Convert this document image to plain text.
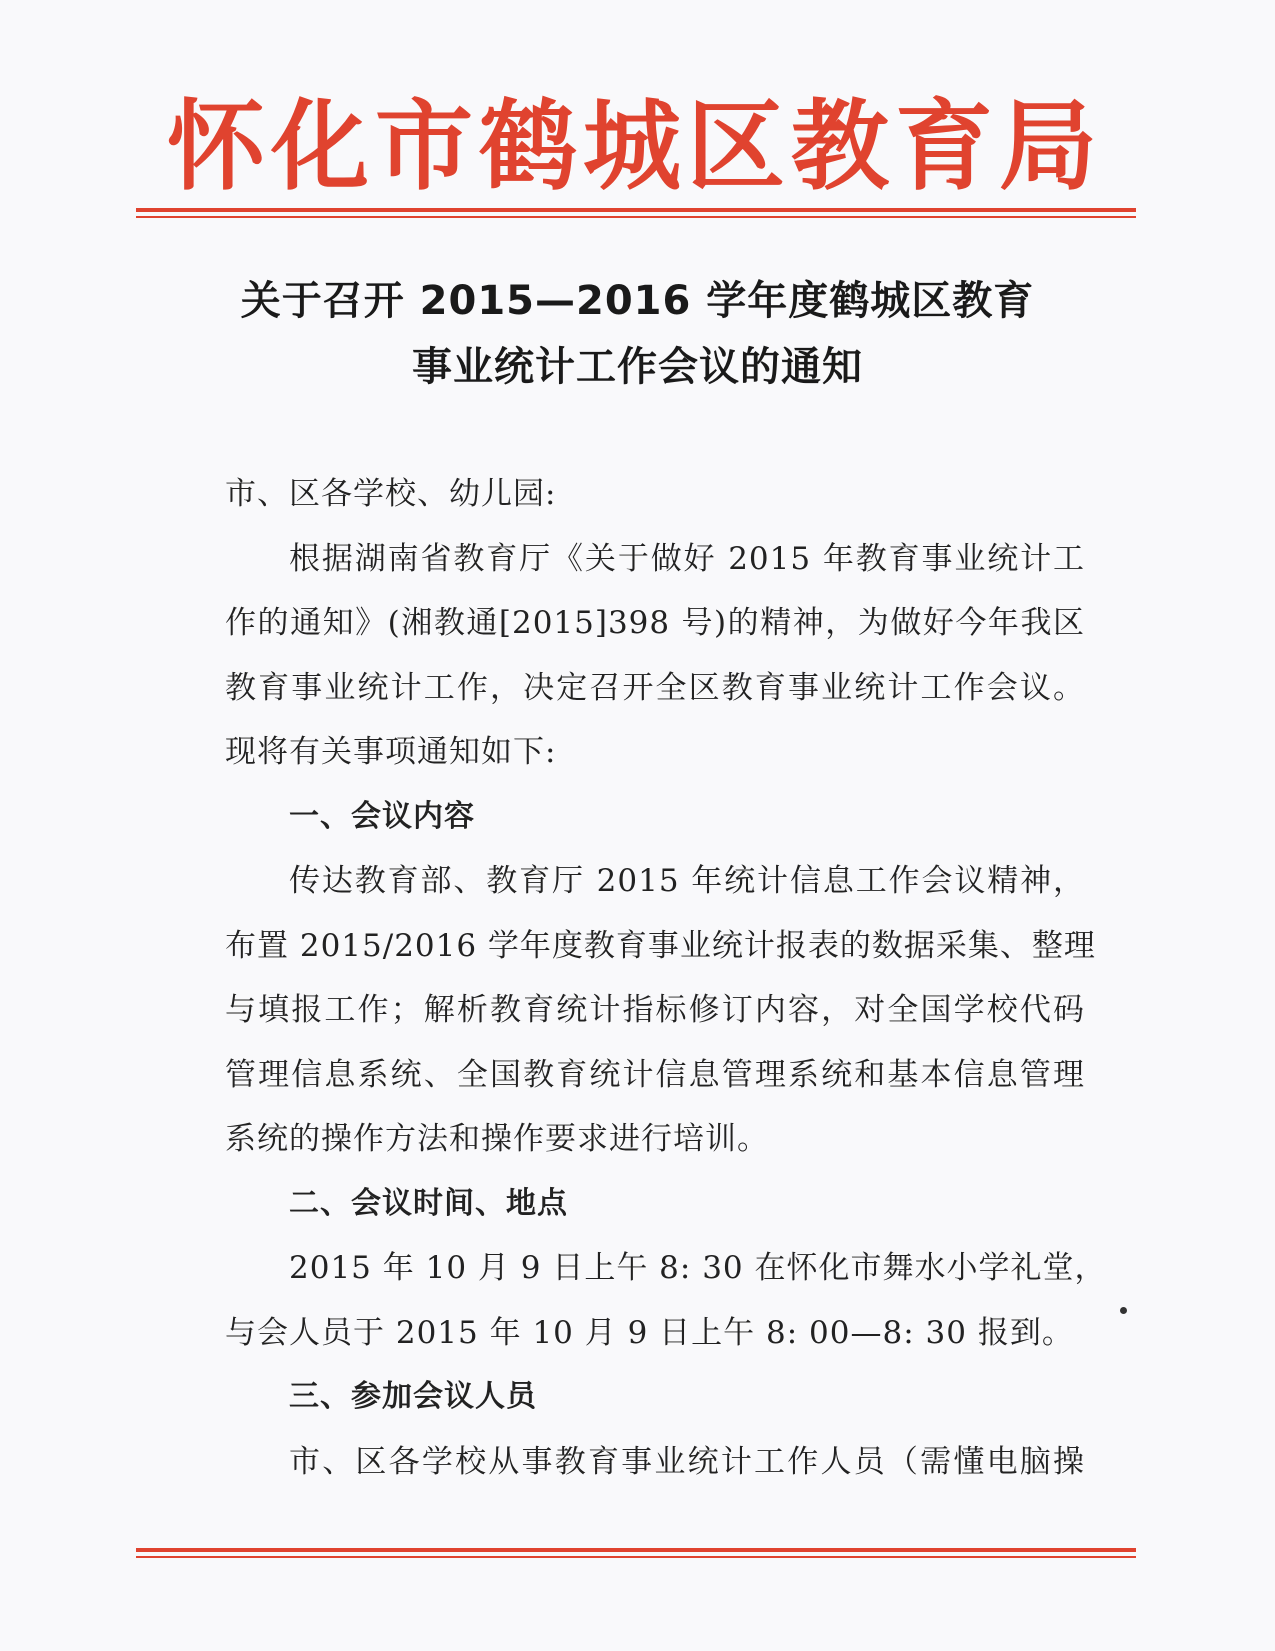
怀化市鹤城区教育局
关于召开 2015—2016 学年度鹤城区教育
事业统计工作会议的通知
市、区各学校、幼儿园:
根据湖南省教育厅《关于做好 2015 年教育事业统计工
作的通知》(湘教通[2015]398 号)的精神，为做好今年我区
教育事业统计工作，决定召开全区教育事业统计工作会议。
现将有关事项通知如下:
一、会议内容
传达教育部、教育厅 2015 年统计信息工作会议精神，
布置 2015/2016 学年度教育事业统计报表的数据采集、整理
与填报工作；解析教育统计指标修订内容，对全国学校代码
管理信息系统、全国教育统计信息管理系统和基本信息管理
系统的操作方法和操作要求进行培训。
二、会议时间、地点
2015 年 10 月 9 日上午 8: 30 在怀化市舞水小学礼堂，
与会人员于 2015 年 10 月 9 日上午 8: 00—8: 30 报到。
三、参加会议人员
市、区各学校从事教育事业统计工作人员（需懂电脑操
